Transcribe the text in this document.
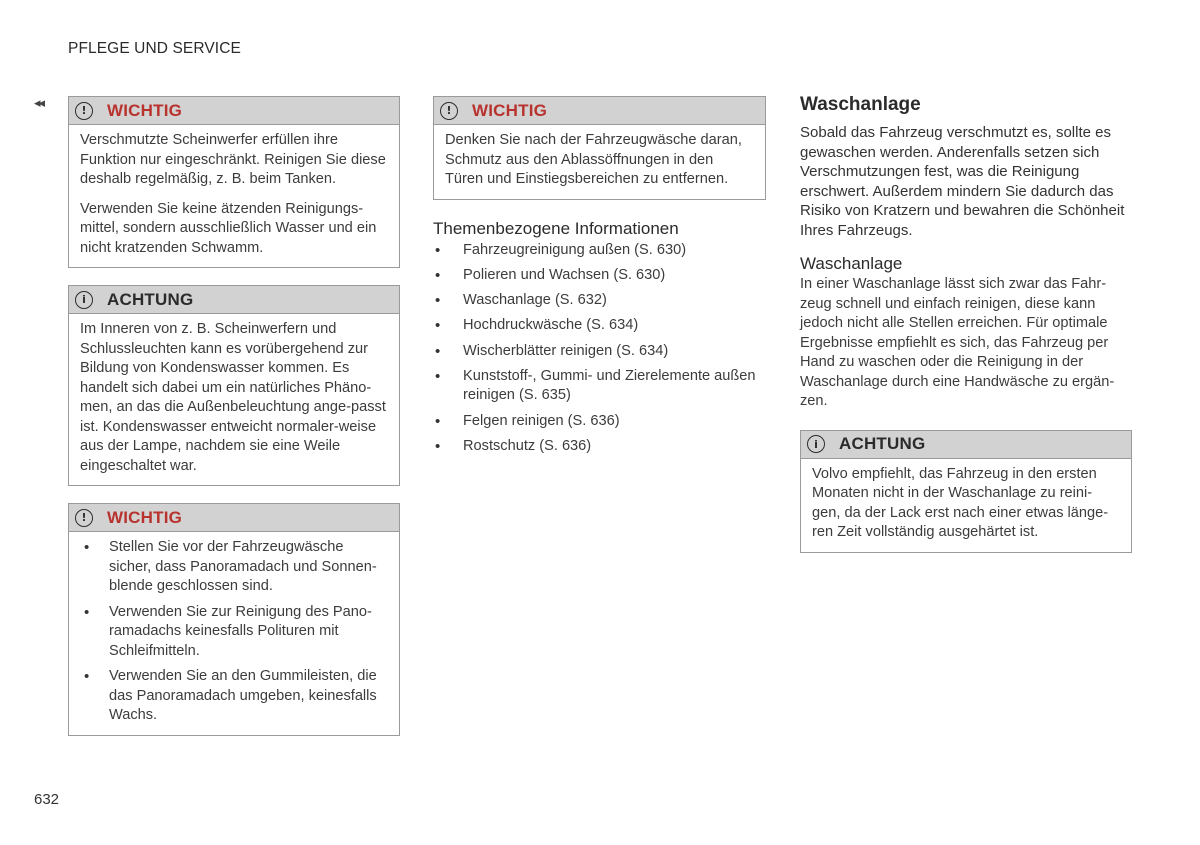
PFLEGE UND SERVICE
◂◂
!	WICHTIG

Verschmutzte Scheinwerfer erfüllen ihre Funktion nur eingeschränkt. Reinigen Sie diese deshalb regelmäßig, z. B. beim Tanken.

Verwenden Sie keine ätzenden Reinigungs-mittel, sondern ausschließlich Wasser und ein nicht kratzenden Schwamm.

i	ACHTUNG

Im Inneren von z. B. Scheinwerfern und Schlussleuchten kann es vorübergehend zur Bildung von Kondenswasser kommen. Es handelt sich dabei um ein natürliches Phäno-men, an das die Außenbeleuchtung ange-passt ist. Kondenswasser entweicht normaler-weise aus der Lampe, nachdem sie eine Weile eingeschaltet war.

!	WICHTIG
• Stellen Sie vor der Fahrzeugwäsche sicher, dass Panoramadach und Sonnen-blende geschlossen sind.
• Verwenden Sie zur Reinigung des Pano-ramadachs keinesfalls Polituren mit Schleifmitteln.
• Verwenden Sie an den Gummileisten, die das Panoramadach umgeben, keinesfalls Wachs.
!	WICHTIG

Denken Sie nach der Fahrzeugwäsche daran, Schmutz aus den Ablassöffnungen in den Türen und Einstiegsbereichen zu entfernen.

Themenbezogene Informationen
• Fahrzeugreinigung außen (S. 630)
• Polieren und Wachsen (S. 630)
• Waschanlage (S. 632)
• Hochdruckwäsche (S. 634)
• Wischerblätter reinigen (S. 634)
• Kunststoff-, Gummi- und Zierelemente außen reinigen (S. 635)
• Felgen reinigen (S. 636)
• Rostschutz (S. 636)
Waschanlage

Sobald das Fahrzeug verschmutzt es, sollte es gewaschen werden. Anderenfalls setzen sich Verschmutzungen fest, was die Reinigung erschwert. Außerdem mindern Sie dadurch das Risiko von Kratzern und bewahren die Schönheit Ihres Fahrzeugs.

Waschanlage

In einer Waschanlage lässt sich zwar das Fahr-zeug schnell und einfach reinigen, diese kann jedoch nicht alle Stellen erreichen. Für optimale Ergebnisse empfiehlt es sich, das Fahrzeug per Hand zu waschen oder die Reinigung in der Waschanlage durch eine Handwäsche zu ergän-zen.

i	ACHTUNG

Volvo empfiehlt, das Fahrzeug in den ersten Monaten nicht in der Waschanlage zu reini-gen, da der Lack erst nach einer etwas länge-ren Zeit vollständig ausgehärtet ist.

632
